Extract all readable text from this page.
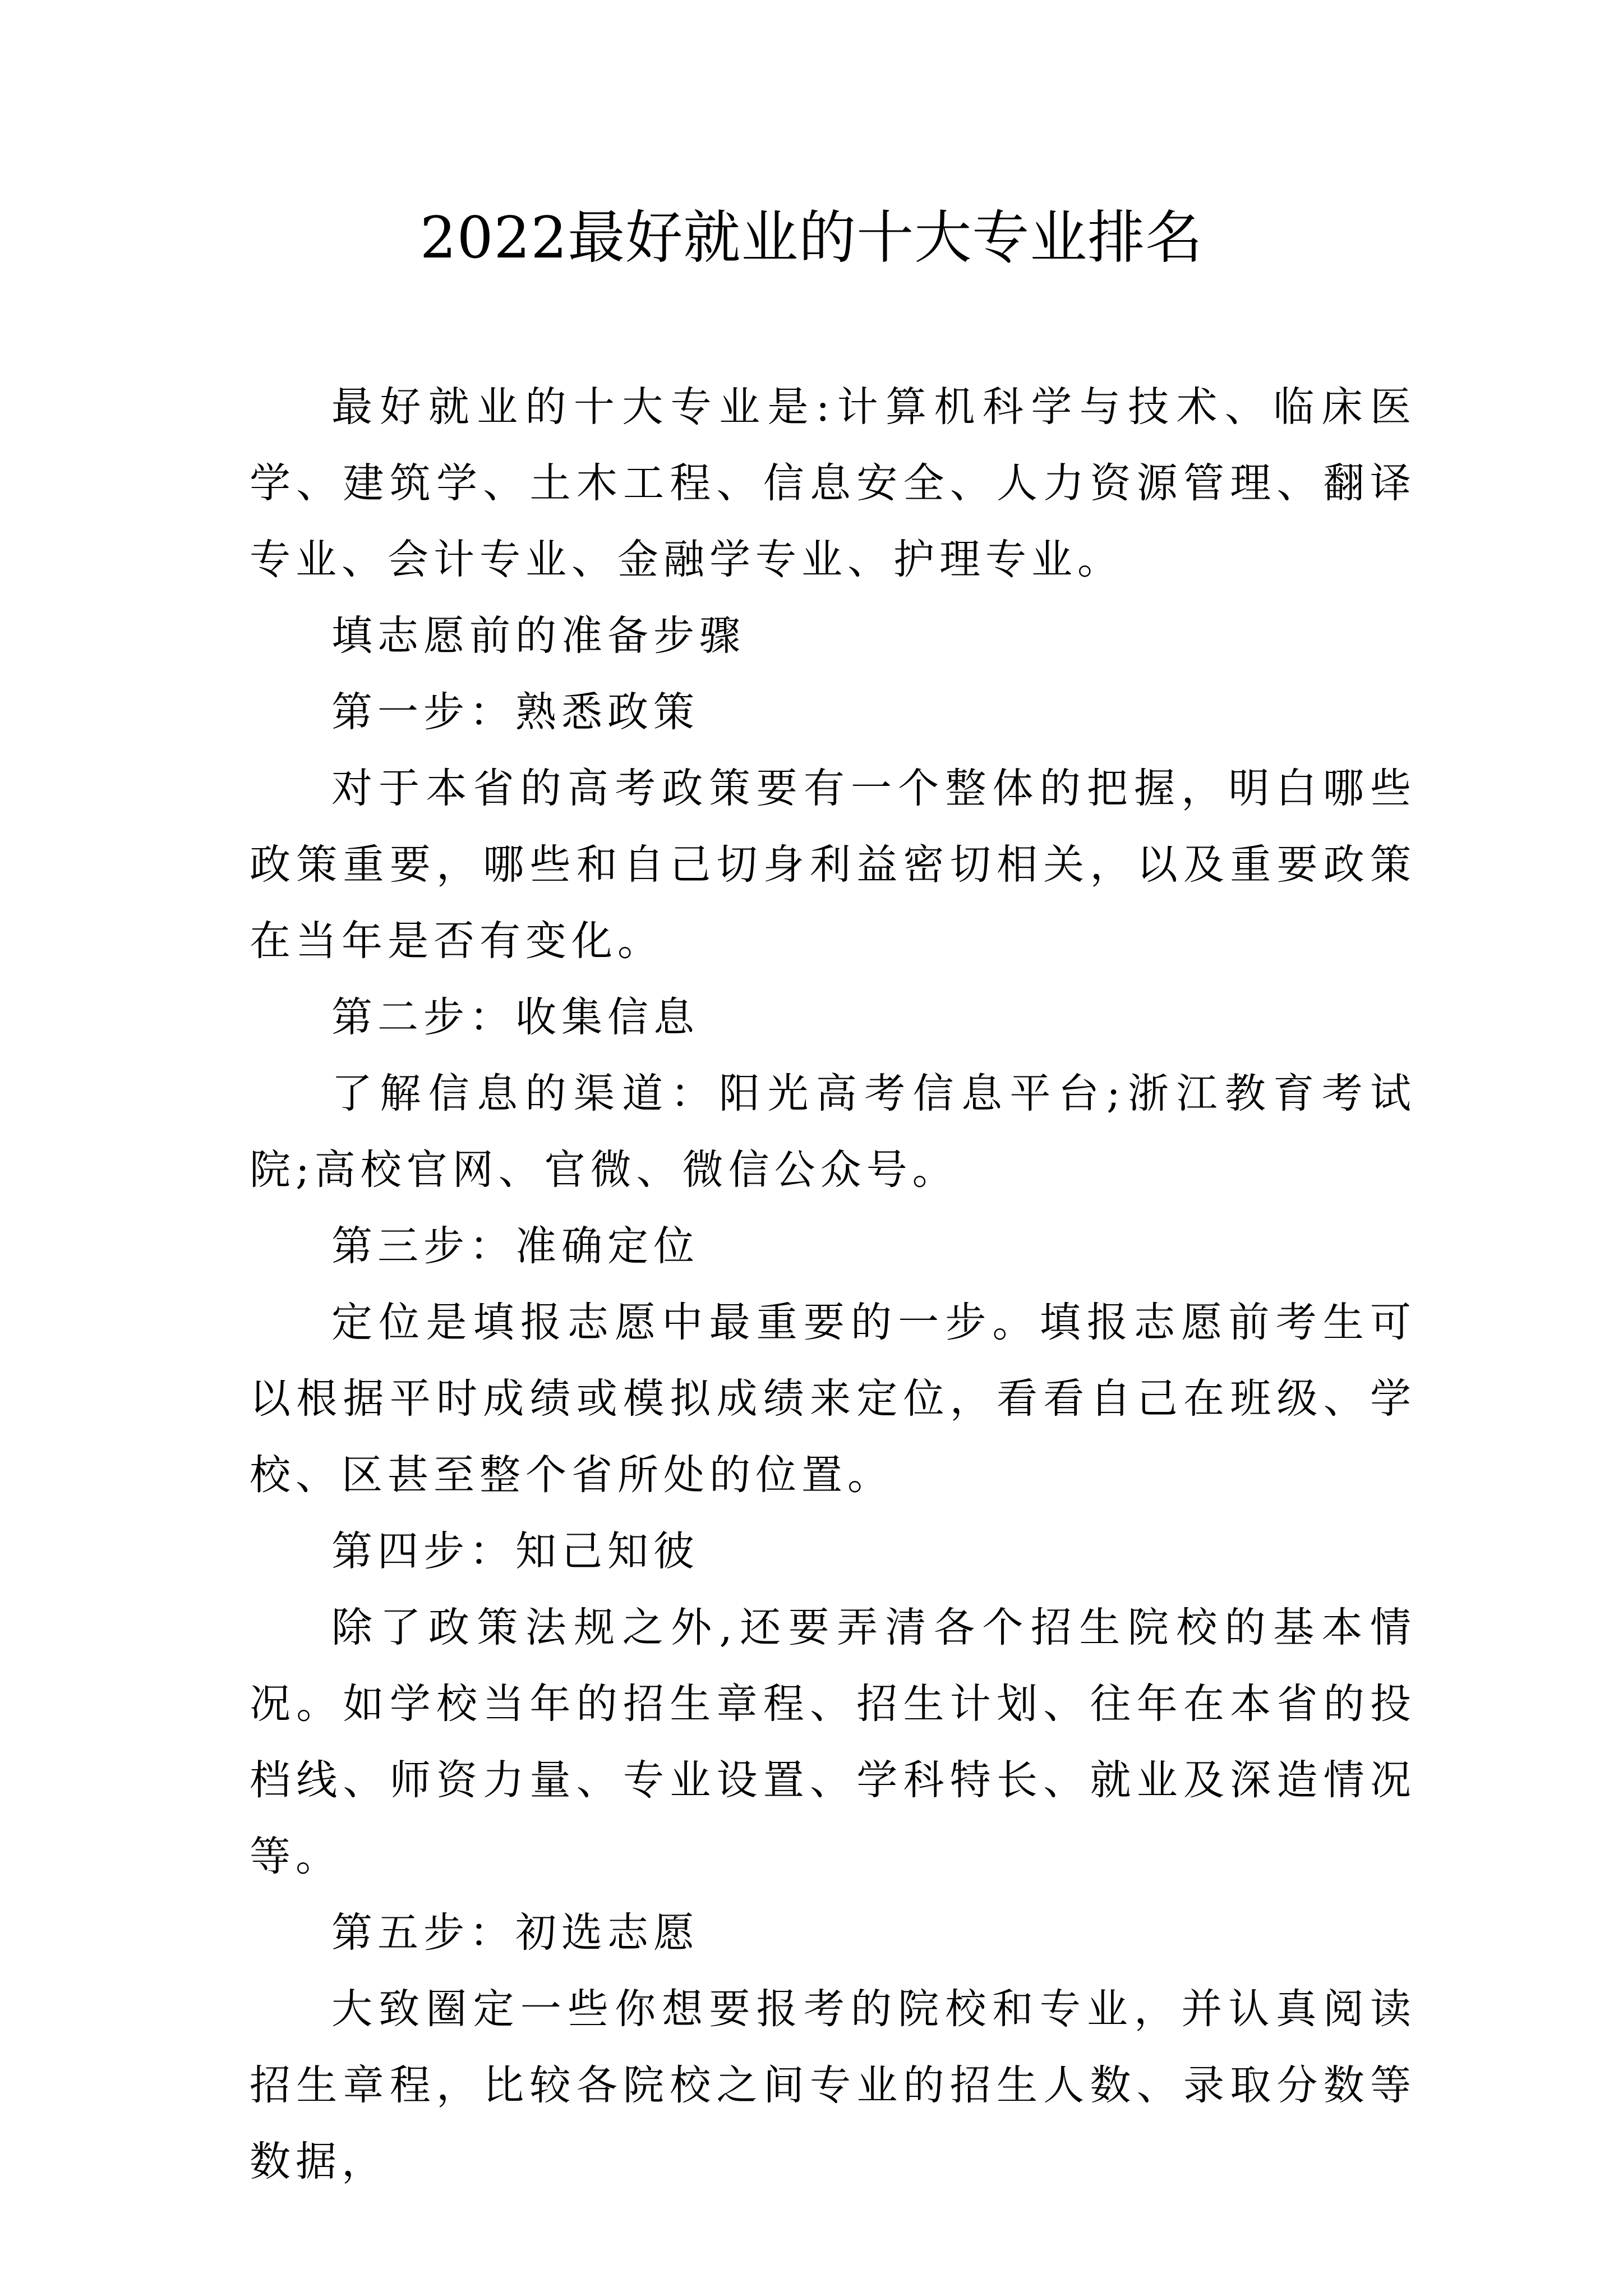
2022最好就业的十大专业排名

最好就业的十大专业是:计算机科学与技术、临床医学、建筑学、土木工程、信息安全、人力资源管理、翻译专业、会计专业、金融学专业、护理专业。

填志愿前的准备步骤

第一步：熟悉政策

对于本省的高考政策要有一个整体的把握，明白哪些政策重要，哪些和自己切身利益密切相关，以及重要政策在当年是否有变化。

第二步：收集信息

了解信息的渠道：阳光高考信息平台;浙江教育考试院;高校官网、官微、微信公众号。

第三步：准确定位

定位是填报志愿中最重要的一步。填报志愿前考生可以根据平时成绩或模拟成绩来定位，看看自己在班级、学校、区甚至整个省所处的位置。

第四步：知己知彼

除了政策法规之外,还要弄清各个招生院校的基本情况。如学校当年的招生章程、招生计划、往年在本省的投档线、师资力量、专业设置、学科特长、就业及深造情况等。

第五步：初选志愿

大致圈定一些你想要报考的院校和专业，并认真阅读招生章程，比较各院校之间专业的招生人数、录取分数等数据，
